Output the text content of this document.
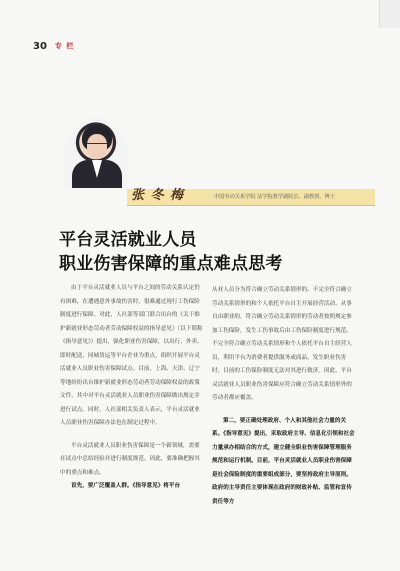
30 专 栏
张 冬 梅	中国劳动关系学院 法学院教学副院长、副教授、博士
平台灵活就业人员
职业伤害保障的重点难点思考

由于平台灵活就业人员与平台之间的劳动关系认定仍有困难，在遭遇意外事故伤害时，很难通过现行工伤保险制度进行保障。对此，人社部等部门联合出台的《关于维护新就业形态劳动者劳动保障权益的指导意见》（以下简称《指导意见》）提出，强化职业伤害保障，以出行、外卖、即时配送、同城货运等平台企业为重点，组织开展平台灵活就业人员职业伤害保障试点。目前，上海、天津、辽宁等地纷纷出台维护新就业形态劳动者劳动保障权益的政策文件，其中对平台灵活就业人员职业伤害保障做出规定并进行试点。同时，人社部相关负责人表示，平台灵活就业人员职业伤害保障办法也在制定过程中。

平台灵活就业人员职业伤害保障是一个新领域，需要在试点中总结经验并进行制度规范。因此，要准确把握其中的重点和难点。

首先，要广泛覆盖人群。《指导意见》将平台

从业人员分为符合确立劳动关系情形的、不完全符合确立劳动关系情形的和个人依托平台自主开展经营活动、从事自由职业的。符合确立劳动关系情形的劳动者按照规定参加工伤保险，发生工伤事故后由工伤保险制度进行规范。不完全符合确立劳动关系情形和个人依托平台自主经营人员，利用平台为消费者提供服务或商品，发生职业伤害时，目前的工伤保险制度无法对其进行救济。因此，平台灵活就业人员职业伤害保障应符合确立劳动关系情形外的劳动者都应覆盖。

第二，要正确处理政府、个人和其他社会力量的关系。《指导意见》提出，采取政府主导、信息化引领和社会力量承办相结合的方式，建立健全职业伤害保障管理服务规范和运行机制。目前，平台灵活就业人员职业伤害保障是社会保险制度的重要组成部分，要坚持政府主导原则。政府的主导责任主要体现在政府的财政补贴、监管和宣传责任等方
